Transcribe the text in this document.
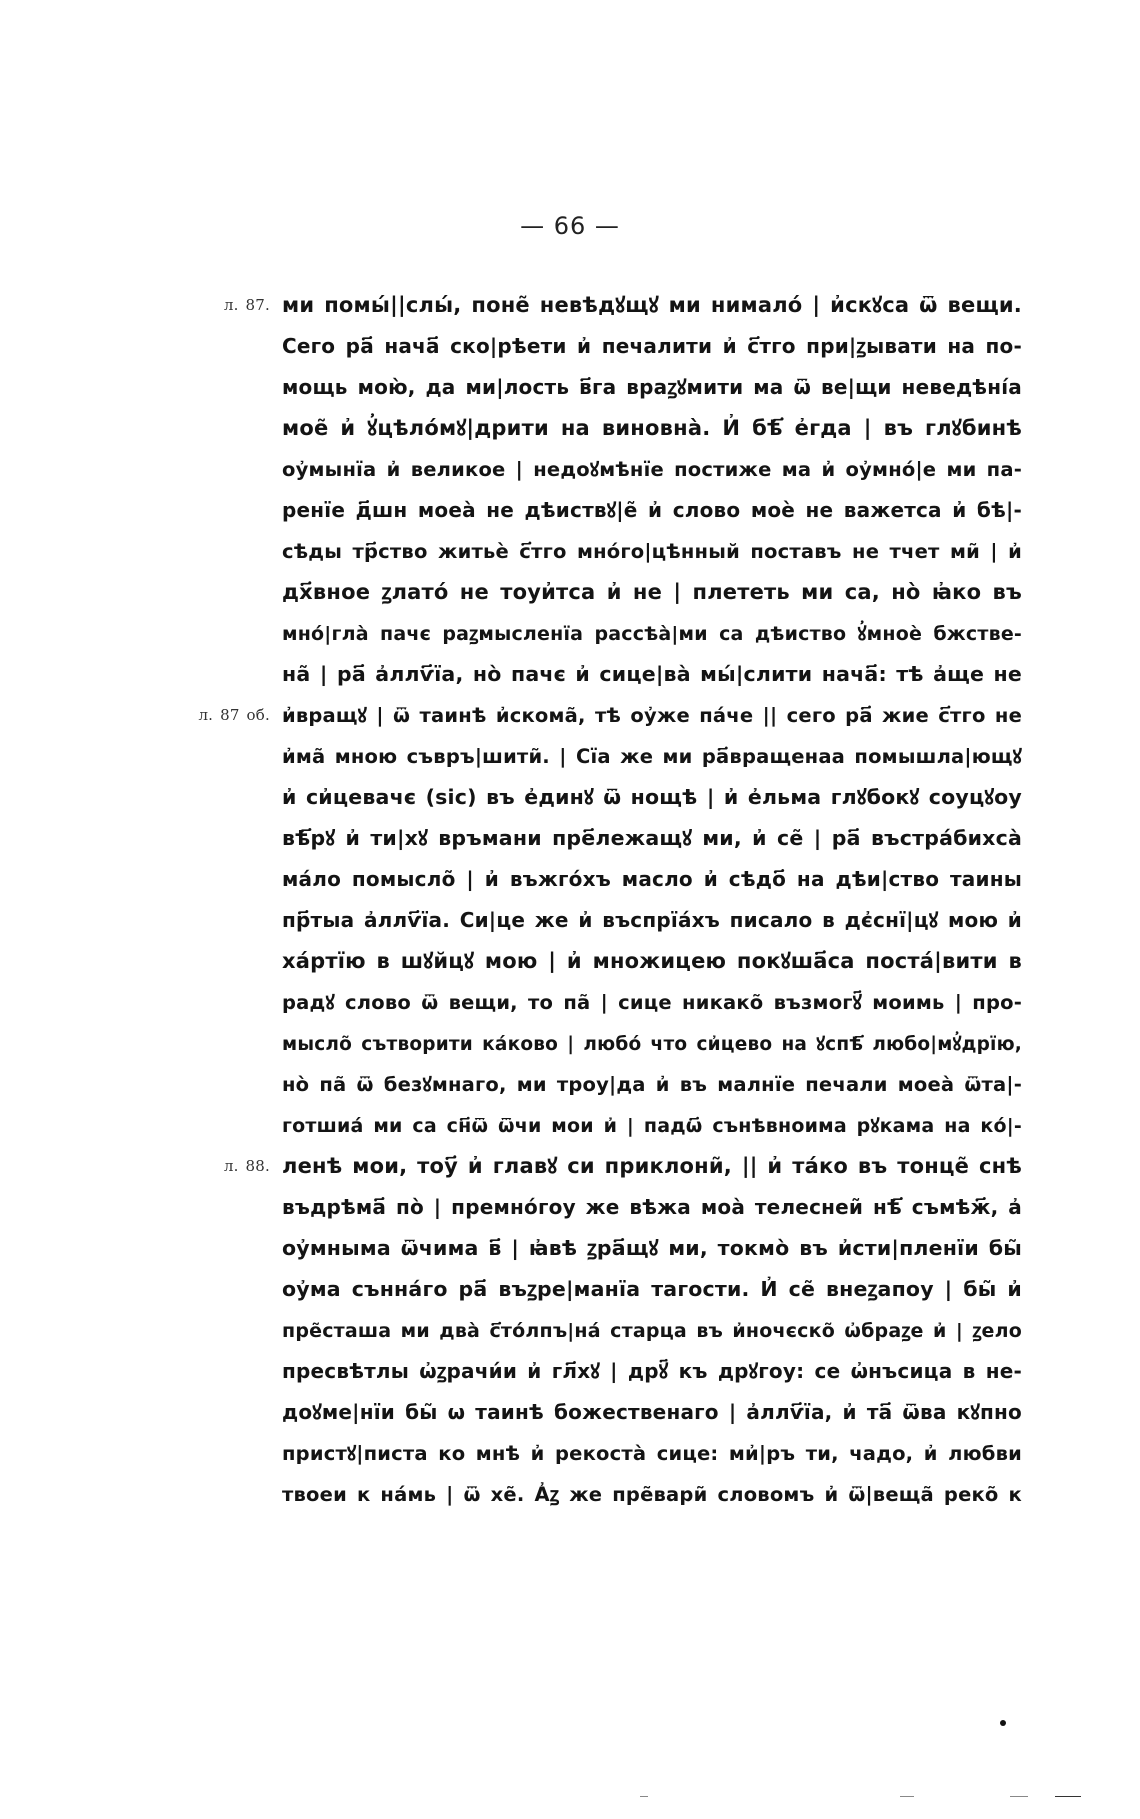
— 66 —
л. 87. ми помы́||слы́, поне̃ невѣдꙋщꙋ ми нимало́ | и҆скꙋса ѿ вещи.
Сего ра҃ нача҃ ско|рѣети и҆ печалити и҆ с҃тго при|ꙁывати на по-
мощь мою̀, да ми|лость в҃га враꙁꙋмити ма ѿ ве|щи неведѣні́а
мое̃ и҆ ꙋ҆цѣло́мꙋ|дрити на виновна̀. И҆ бѣ҃ е҆гда | въ глꙋбинѣ
оу҆мынїа и҆ великое | недоꙋмѣнїе постиже ма и҆ оу҆мно́|е ми па-
ренїе д҃шн моеа̀ не дѣиствꙋ|е̃ и҆ слово моѐ не важетса и҆ бѣ|-
сѣды тр҃ство житьѐ с҃тго мно́го|цѣнный поставъ не тчет ми̃ | и҆
дх҃вное ꙁлато́ не тоуи҆тса и҆ не | плететь ми са, но̀ ꙗ҆ко въ
мно́|гла̀ пачє раꙁмысленїа рассѣа̀|ми са дѣиство ꙋ҆мноѐ бжстве-
на̃ | ра҃ а҆ллѵ҃їа, но̀ пачє и҆ сице|ва̀ мы́|слити нача҃: тѣ а҆ще не
л. 87 об. и҆вращꙋ | ѿ таинѣ и҆скома̃, тѣ оу҆же па́че || сего ра҃ жие с҃тго не
и҆ма̃ мною съвръ|шити̃. | Сїа же ми ра҃вращенаа помышла|ющꙋ
и҆ си҆цевачє (sic) въ е҆динꙋ ѿ нощѣ | и҆ е҆льма глꙋбокꙋ соуцꙋоу
вѣ҃рꙋ и҆ ти|хꙋ връмани пре҃лежащꙋ ми, и҆ се̃ | ра҃ въстра́бихса̀
ма́ло помысло̃ | и҆ въжго́хъ масло и҆ сѣдо҃ на дѣи|ство таины
пр҃тыа а҆ллѵ҃їа. Си|це же и҆ въспрїа́хъ писало в дє҆снї|цꙋ мою и҆
ха́ртїю в шꙋйцꙋ мою | и҆ множицею покꙋша҃са поста́|вити в
радꙋ слово ѿ вещи, то па̃ | сице никако̃ възмогꙋ҃ моимь | про-
мысло̃ сътворити ка́ково | любо́ что си҆цево на ꙋспѣ҃ любо|мꙋ҆дрїю,
но̀ па̃ ѿ безꙋмнаго, ми троу|да и҆ въ малнїе печали моеа̀ ѿта|-
готшиа́ ми са сн҃ѿ ѿчи мои и҆ | падѡ҃ сънѣвноима рꙋкама на ко́|-
л. 88. ленѣ мои, тоу҃ и҆ главꙋ си приклони̃, || и҆ та́ко въ тонце̃ снѣ
въдрѣма҃ по̀ | премно́гоу же вѣжа моа̀ телеснеи̃ нѣ҃ съмѣж҃, а҆
оу҆мныма ѿчима в҃ | ꙗ҆вѣ ꙁра҃щꙋ ми, токмо̀ въ и҆сти|пленїи бы̃
оу҆ма сънна́го ра҃ въꙁре|манїа тагости. И҆ се̃ внеꙁапоу | бы̃ и҆
пре̃сташа ми два̀ с҃то́лпъ|на́ старца въ и҆ночєско̃ ѡ҆браꙁе и҆ | ꙁело
пресвѣтлы ѡ҆ꙁрачи́и и҆ гл҃хꙋ | дрꙋ҃ къ дрꙋгоу: се ѡ҆нъсица в не-
доꙋме|нїи бы̃ ѡ таинѣ божественаго | а҆ллѵ҃їа, и҆ та҃ ѿва кꙋпно
пристꙋ|писта ко мнѣ и҆ рекоста̀ сице: ми҆|ръ ти, чадо, и҆ любви
твоеи к на́мь | ѿ хе̃. А҆ꙁ же пре̃вари̃ словомъ и҆ ѿ|веща̃ реко̃ к
